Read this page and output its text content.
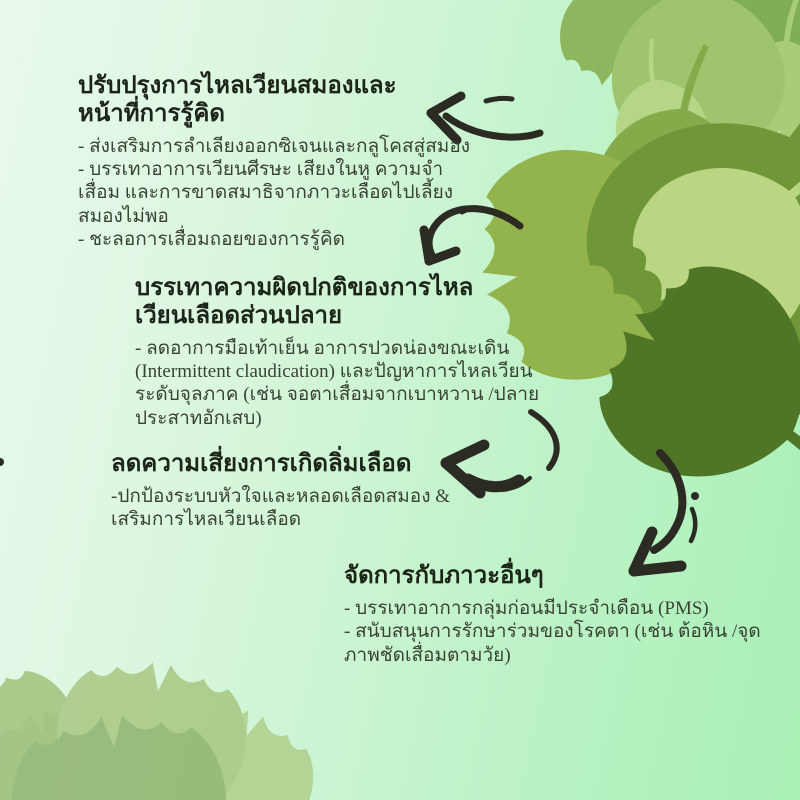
ปรับปรุงการไหลเวียนสมองและ
หน้าที่การรู้คิด
- ส่งเสริมการลำเลียงออกซิเจนและกลูโคสสู่สมอง
- บรรเทาอาการเวียนศีรษะ เสียงในหู ความจำเสื่อม และการขาดสมาธิจากภาวะเลือดไปเลี้ยงสมองไม่พอ
- ชะลอการเสื่อมถอยของการรู้คิด
บรรเทาความผิดปกติของการไหล
เวียนเลือดส่วนปลาย
- ลดอาการมือเท้าเย็น อาการปวดน่องขณะเดิน (Intermittent claudication) และปัญหาการไหลเวียนระดับจุลภาค (เช่น จอตาเสื่อมจากเบาหวาน /ปลายประสาทอักเสบ)
ลดความเสี่ยงการเกิดลิ่มเลือด
-ปกป้องระบบหัวใจและหลอดเลือดสมอง & เสริมการไหลเวียนเลือด
จัดการกับภาวะอื่นๆ
- บรรเทาอาการกลุ่มก่อนมีประจำเดือน (PMS)
- สนับสนุนการรักษาร่วมของโรคตา (เช่น ต้อหิน /จุดภาพชัดเสื่อมตามวัย)
